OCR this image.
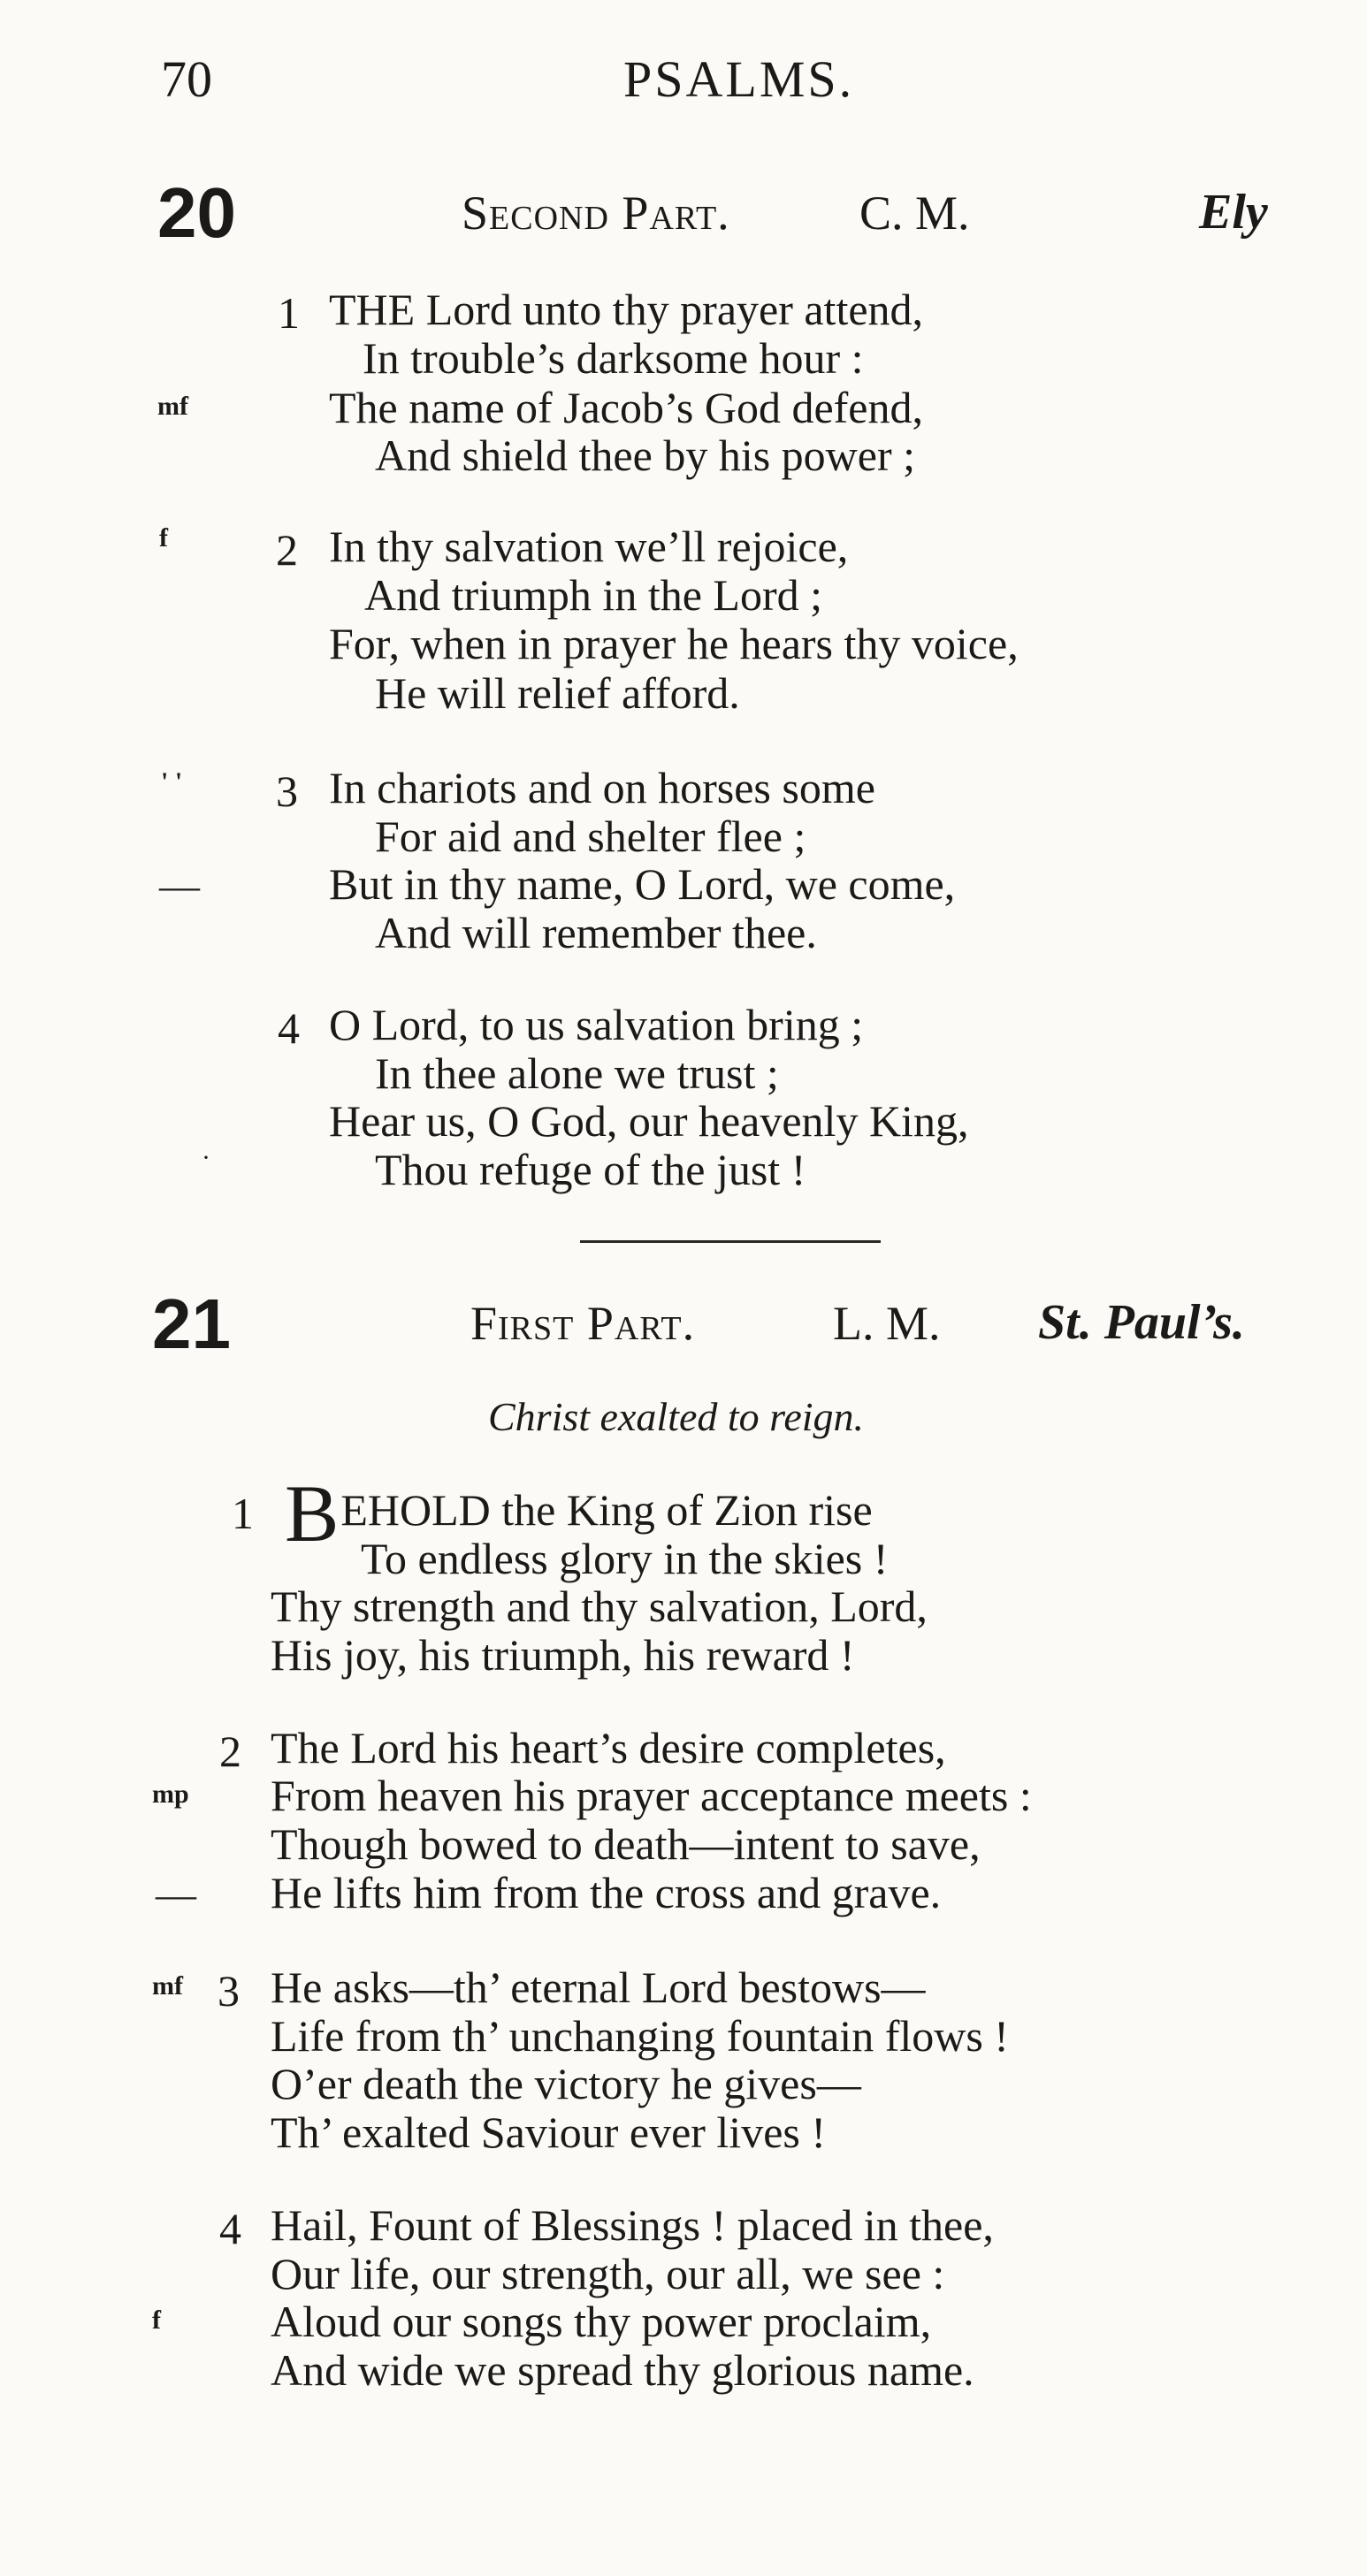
70	PSALMS.
20	Second Part.	C. M.	Ely
1 THE Lord unto thy prayer attend,
In trouble’s darksome hour :
mf	The name of Jacob’s God defend,
And shield thee by his power ;
f 2 In thy salvation we’ll rejoice,
And triumph in the Lord ;
For, when in prayer he hears thy voice,
He will relief afford.
' ' 3 In chariots and on horses some
For aid and shelter flee ;
—	But in thy name, O Lord, we come,
And will remember thee.
4 O Lord, to us salvation bring ;
In thee alone we trust ;
Hear us, O God, our heavenly King,
·	Thou refuge of the just !
21	First Part.	L. M. St. Paul’s.
Christ exalted to reign.
1 BEHOLD the King of Zion rise
To endless glory in the skies !
Thy strength and thy salvation, Lord,
His joy, his triumph, his reward !
2 The Lord his heart’s desire completes,
mp From heaven his prayer acceptance meets :
Though bowed to death—intent to save,
— He lifts him from the cross and grave.
mf 3 He asks—th’ eternal Lord bestows—
Life from th’ unchanging fountain flows !
O’er death the victory he gives—
Th’ exalted Saviour ever lives !
4 Hail, Fount of Blessings ! placed in thee,
Our life, our strength, our all, we see :
f Aloud our songs thy power proclaim,
And wide we spread thy glorious name.
